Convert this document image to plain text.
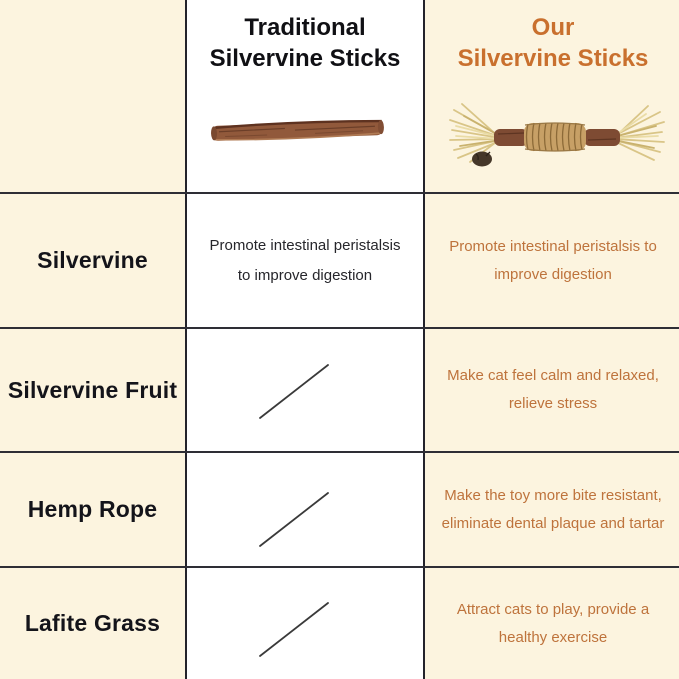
Traditional
Silvervine Sticks
Our
Silvervine Sticks
Silvervine
Silvervine Fruit
Hemp Rope
Lafite Grass
Promote intestinal peristalsis
to improve digestion
Promote intestinal peristalsis to
improve digestion
Make cat feel calm and relaxed,
relieve stress
Make the toy more bite resistant,
eliminate dental plaque and tartar
Attract cats to play, provide a
healthy exercise
